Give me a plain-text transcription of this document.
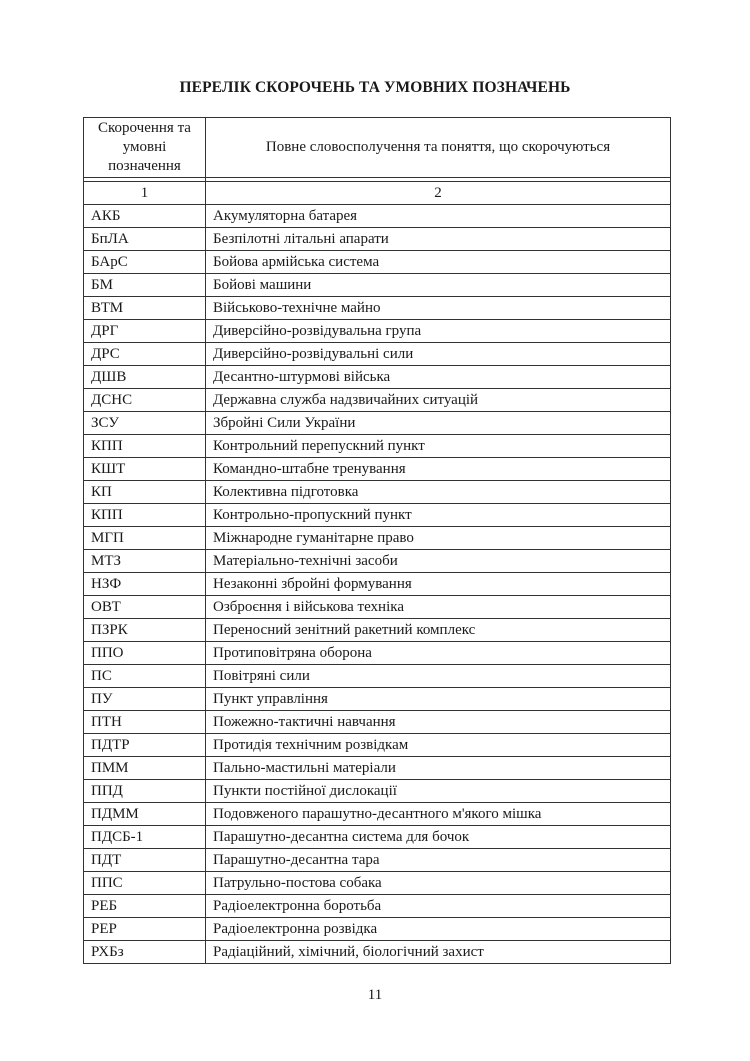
ПЕРЕЛІК СКОРОЧЕНЬ ТА УМОВНИХ ПОЗНАЧЕНЬ
Скорочення та умовні позначення	Повне словосполучення та поняття, що скорочуються

1	2
АКБ	Акумуляторна батарея
БпЛА	Безпілотні літальні апарати
БАрС	Бойова армійська система
БМ	Бойові машини
ВТМ	Військово-технічне майно
ДРГ	Диверсійно-розвідувальна група
ДРС	Диверсійно-розвідувальні сили
ДШВ	Десантно-штурмові війська
ДСНС	Державна служба надзвичайних ситуацій
ЗСУ	Збройні Сили України
КПП	Контрольний перепускний пункт
КШТ	Командно-штабне тренування
КП	Колективна підготовка
КПП	Контрольно-пропускний пункт
МГП	Міжнародне гуманітарне право
МТЗ	Матеріально-технічні засоби
НЗФ	Незаконні збройні формування
ОВТ	Озброєння і військова техніка
ПЗРК	Переносний зенітний ракетний комплекс
ППО	Протиповітряна оборона
ПС	Повітряні сили
ПУ	Пункт управління
ПТН	Пожежно-тактичні навчання
ПДТР	Протидія технічним розвідкам
ПММ	Пально-мастильні матеріали
ППД	Пункти постійної дислокації
ПДММ	Подовженого парашутно-десантного м'якого мішка
ПДСБ-1	Парашутно-десантна система для бочок
ПДТ	Парашутно-десантна тара
ППС	Патрульно-постова собака
РЕБ	Радіоелектронна боротьба
РЕР	Радіоелектронна розвідка
РХБз	Радіаційний, хімічний, біологічний захист
11
